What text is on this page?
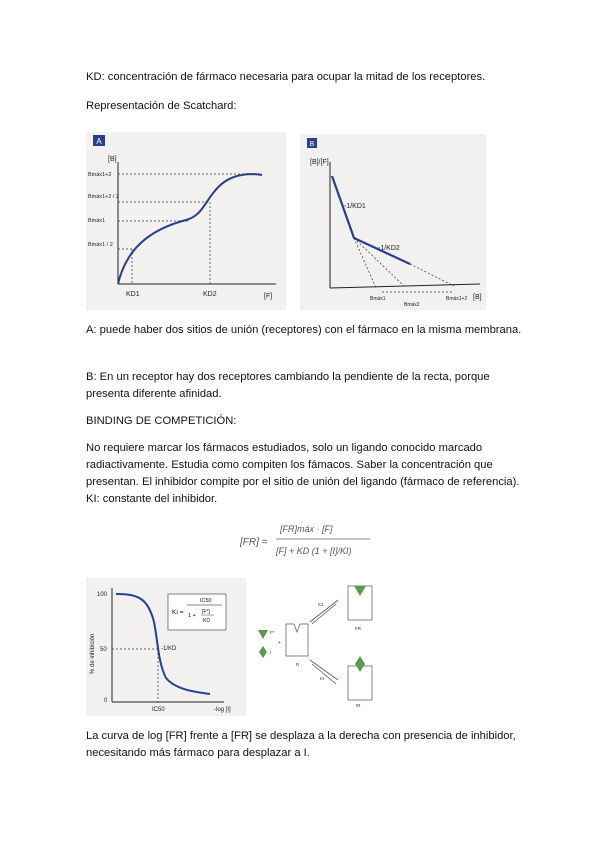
KD: concentración de fármaco necesaria para ocupar la mitad de los receptores.

Representación de Scatchard:

A: puede haber dos sitios de unión (receptores) con el fármaco en la misma membrana.

B: En un receptor hay dos receptores cambiando la pendiente de la recta, porque presenta diferente afinidad.

BINDING DE COMPETICIÓN:

No requiere marcar los fármacos estudiados, solo un ligando conocido marcado radiactivamente. Estudia como compiten los fámacos. Saber la concentración que presentan. El inhibidor compite por el sitio de unión del ligando (fármaco de referencia). KI: constante del inhibidor.

La curva de log [FR] frente a [FR] se desplaza a la derecha con presencia de inhibidor, necesitando más fármaco para desplazar a I.

A
[B]
[F]
Bmáx1+2
Bmáx1+2 / 2
Bmáx1
Bmáx1 / 2
KD1	KD2
B
[B]/[F]
[B]
-1/KD1
-1/KD2
Bmáx1
Bmáx2
Bmáx1+2
[FR] =
[FR]máx · [F]
[F] + KD (1 + [I]/KI)
% de inhibición
100
50
0
-1/KD
IC50	-log [I]
Ki =
IC50
1 +
[F*]
KD
F*
I
+
R
K1
KI
FR
IR
